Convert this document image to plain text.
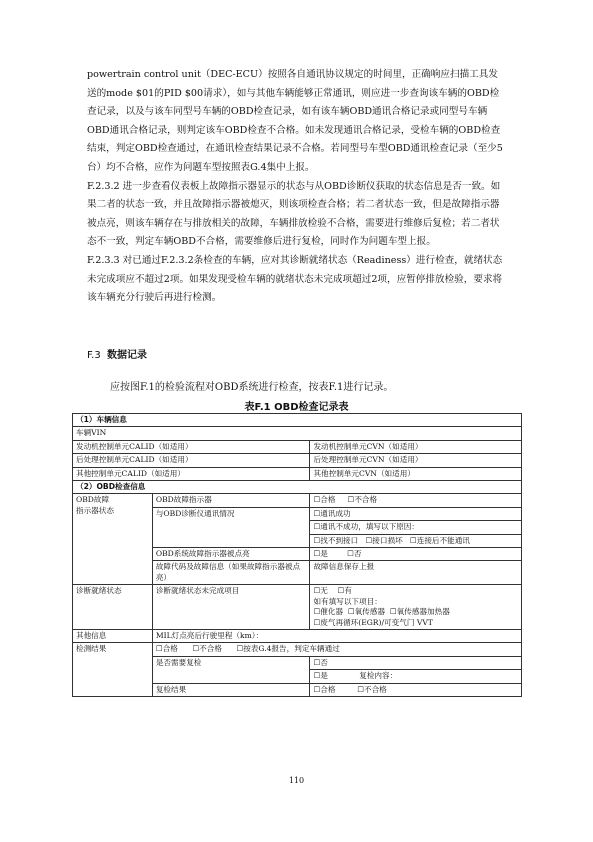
powertrain control unit（DEC-ECU）按照各自通讯协议规定的时间里，正确响应扫描工具发送的mode $01的PID $00请求），如与其他车辆能够正常通讯，则应进一步查询该车辆的OBD检查记录，以及与该车同型号车辆的OBD检查记录，如有该车辆OBD通讯合格记录或同型号车辆OBD通讯合格记录，则判定该车OBD检查不合格。如未发现通讯合格记录，受检车辆的OBD检查结束，判定OBD检查通过，在通讯检查结果记录不合格。若同型号车型OBD通讯检查记录（至少5台）均不合格，应作为问题车型按照表G.4集中上报。

F.2.3.2 进一步查看仪表板上故障指示器显示的状态与从OBD诊断仪获取的状态信息是否一致。如果二者的状态一致，并且故障指示器被熄灭，则该项检查合格；若二者状态一致，但是故障指示器被点亮，则该车辆存在与排放相关的故障，车辆排放检验不合格，需要进行维修后复检；若二者状态不一致，判定车辆OBD不合格，需要维修后进行复检，同时作为问题车型上报。

F.2.3.3 对已通过F.2.3.2条检查的车辆，应对其诊断就绪状态（Readiness）进行检查，就绪状态未完成项应不超过2项。如果发现受检车辆的就绪状态未完成项超过2项，应暂停排放检验，要求将该车辆充分行驶后再进行检测。

F.3 数据记录
应按图F.1的检验流程对OBD系统进行检查，按表F.1进行记录。
表F.1 OBD检查记录表
（1）车辆信息		
车辆VIN		
发动机控制单元CALID（如适用）		发动机控制单元CVN（如适用）
后处理控制单元CALID（如适用）		后处理控制单元CVN（如适用）
其他控制单元CALID（如适用）		其他控制单元CVN（如适用）
（2）OBD检查信息		
OBD故障
指示器状态	OBD故障指示器	☐合格 ☐ 不合格
	与OBD诊断仪通讯情况	☐通讯成功
☐ 通讯不成功，填写以下原因：
☐ 找不到接口 ☐ 接口损坏 ☐ 连接后不能通讯
	OBD系统故障指示器被点亮	☐是 ☐ 否
	故障代码及故障信息（如果故障指示器被点亮）	故障信息保存上报
诊断就绪状态	诊断就绪状态未完成项目	☐无 ☐ 有
如有填写以下项目：
☐ 催化器 ☐ 氧传感器 ☐ 氧传感器加热器
☐ 废气再循环(EGR)/可变气门 VVT
其他信息	MIL灯点亮后行驶里程（km）：	
检测结果	☐合格 ☐ 不合格 ☐ 按表G.4报告，判定车辆通过
	是否需要复检	☐否
☐ 是 复检内容：
	复检结果	☐合格 ☐ 不合格
110
